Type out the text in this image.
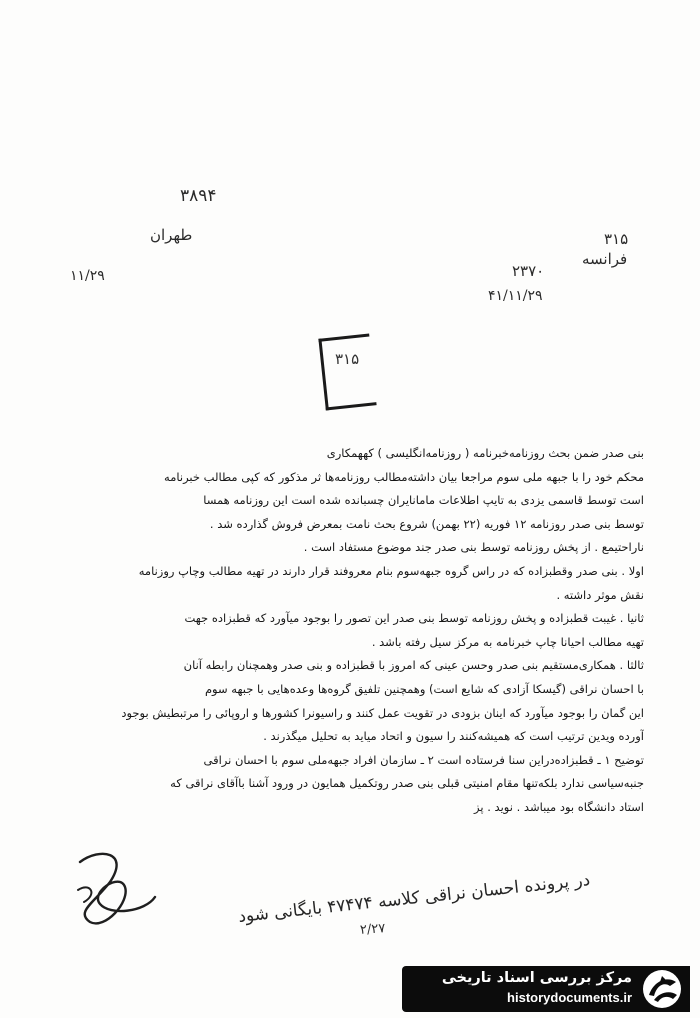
۳۸۹۴
طهران	۳۱۵
فرانسه
۱۱/۲۹	۲۳۷۰
۴۱/۱۱/۲۹
۳۱۵
بنی صدر ضمن بحث روزنامه‌خبرنامه ( روزنامه‌انگلیسی ) کههمکاری
محکم خود را با جبهه ملی سوم مراجعا بیان داشته‌مطالب روزنامه‌ها ثر مذکور که کپی مطالب خبرنامه
است توسط قاسمی یزدی به تایپ اطلاعات مامانایران چسبانده شده است این روزنامه همسا
توسط بنی صدر روزنامه ۱۲ فوریه (۲۲ بهمن) شروع بحث نامت بمعرض فروش گذارده شد .
ناراحتیمع . از پخش روزنامه توسط بنی صدر جند موضوع مستفاد است .
اولا . بنی صدر وقطبزاده که در راس گروه جبهه‌سوم بنام معروفند قرار دارند در تهیه مطالب وچاپ روزنامه
نقش موثر داشته .
ثانیا . غیبت قطبزاده و پخش روزنامه توسط بنی صدر این تصور را بوجود میآورد که قطبزاده جهت
تهیه مطالب احیانا چاپ خبرنامه به مرکز سیل رفته باشد .
ثالثا . همکاری‌مستقیم‌ بنی صدر وحسن عینی که امروز با قطبزاده و بنی صدر وهمچنان رابطه آنان
با احسان نراقی (گیسکا آزادی که شایع است) وهمچنین تلفیق گروه‌ها وعده‌هایی با جبهه سوم
این گمان را بوجود میآورد که اینان بزودی در تقویت عمل کنند و راسیونرا کشورها و اروپائی را مرتبطیش بوجود
آورده ویدین ترتیب است که همیشه‌کنند را سیون و اتحاد میاید به تحلیل میگذرند .
توضیح ۱ ـ قطبزاده‌دراین سنا فرستاده است ۲ ـ سازمان افراد جبهه‌ملی سوم با احسان نراقی
جنبه‌سیاسی ندارد بلکه‌تنها مقام امنیتی قبلی بنی صدر روتکمیل همایون در ورود آشنا باآقای نراقی که
استاد دانشگاه بود میباشد . نوید . پز
در پرونده احسان نراقی کلاسه ۴۷۴۷۴ بایگانی شود
۲/۲۷
مرکز بررسی اسناد تاریخی
historydocuments.ir
